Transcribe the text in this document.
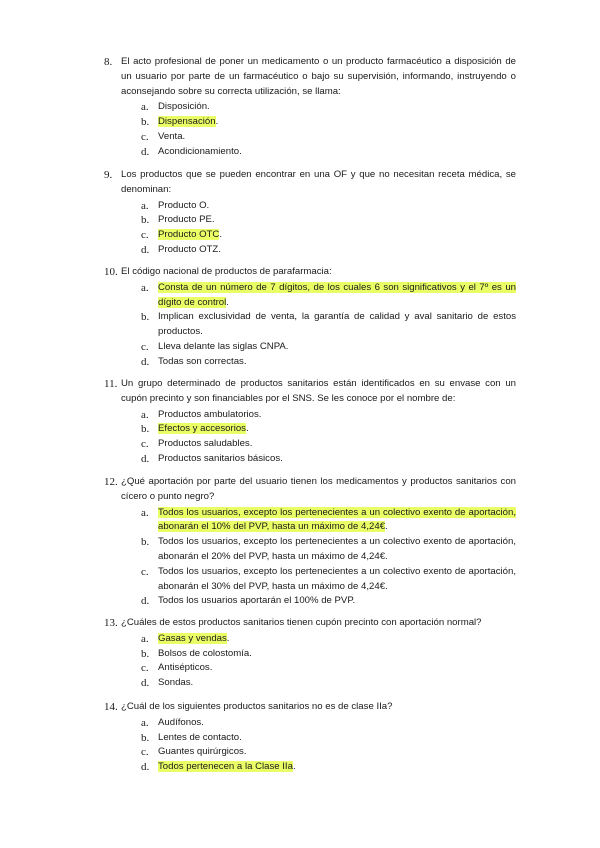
8. El acto profesional de poner un medicamento o un producto farmacéutico a disposición de un usuario por parte de un farmacéutico o bajo su supervisión, informando, instruyendo o aconsejando sobre su correcta utilización, se llama:
a. Disposición.
b. Dispensación.
c. Venta.
d. Acondicionamiento.
9. Los productos que se pueden encontrar en una OF y que no necesitan receta médica, se denominan:
a. Producto O.
b. Producto PE.
c. Producto OTC.
d. Producto OTZ.
10. El código nacional de productos de parafarmacia:
a. Consta de un número de 7 dígitos, de los cuales 6 son significativos y el 7º es un dígito de control.
b. Implican exclusividad de venta, la garantía de calidad y aval sanitario de estos productos.
c. Lleva delante las siglas CNPA.
d. Todas son correctas.
11. Un grupo determinado de productos sanitarios están identificados en su envase con un cupón precinto y son financiables por el SNS. Se les conoce por el nombre de:
a. Productos ambulatorios.
b. Efectos y accesorios.
c. Productos saludables.
d. Productos sanitarios básicos.
12. ¿Qué aportación por parte del usuario tienen los medicamentos y productos sanitarios con cícero o punto negro?
a. Todos los usuarios, excepto los pertenecientes a un colectivo exento de aportación, abonarán el 10% del PVP, hasta un máximo de 4,24€.
b. Todos los usuarios, excepto los pertenecientes a un colectivo exento de aportación, abonarán el 20% del PVP, hasta un máximo de 4,24€.
c. Todos los usuarios, excepto los pertenecientes a un colectivo exento de aportación, abonarán el 30% del PVP, hasta un máximo de 4,24€.
d. Todos los usuarios aportarán el 100% de PVP.
13. ¿Cuáles de estos productos sanitarios tienen cupón precinto con aportación normal?
a. Gasas y vendas.
b. Bolsos de colostomía.
c. Antisépticos.
d. Sondas.
14. ¿Cuál de los siguientes productos sanitarios no es de clase IIa?
a. Audífonos.
b. Lentes de contacto.
c. Guantes quirúrgicos.
d. Todos pertenecen a la Clase IIa.
